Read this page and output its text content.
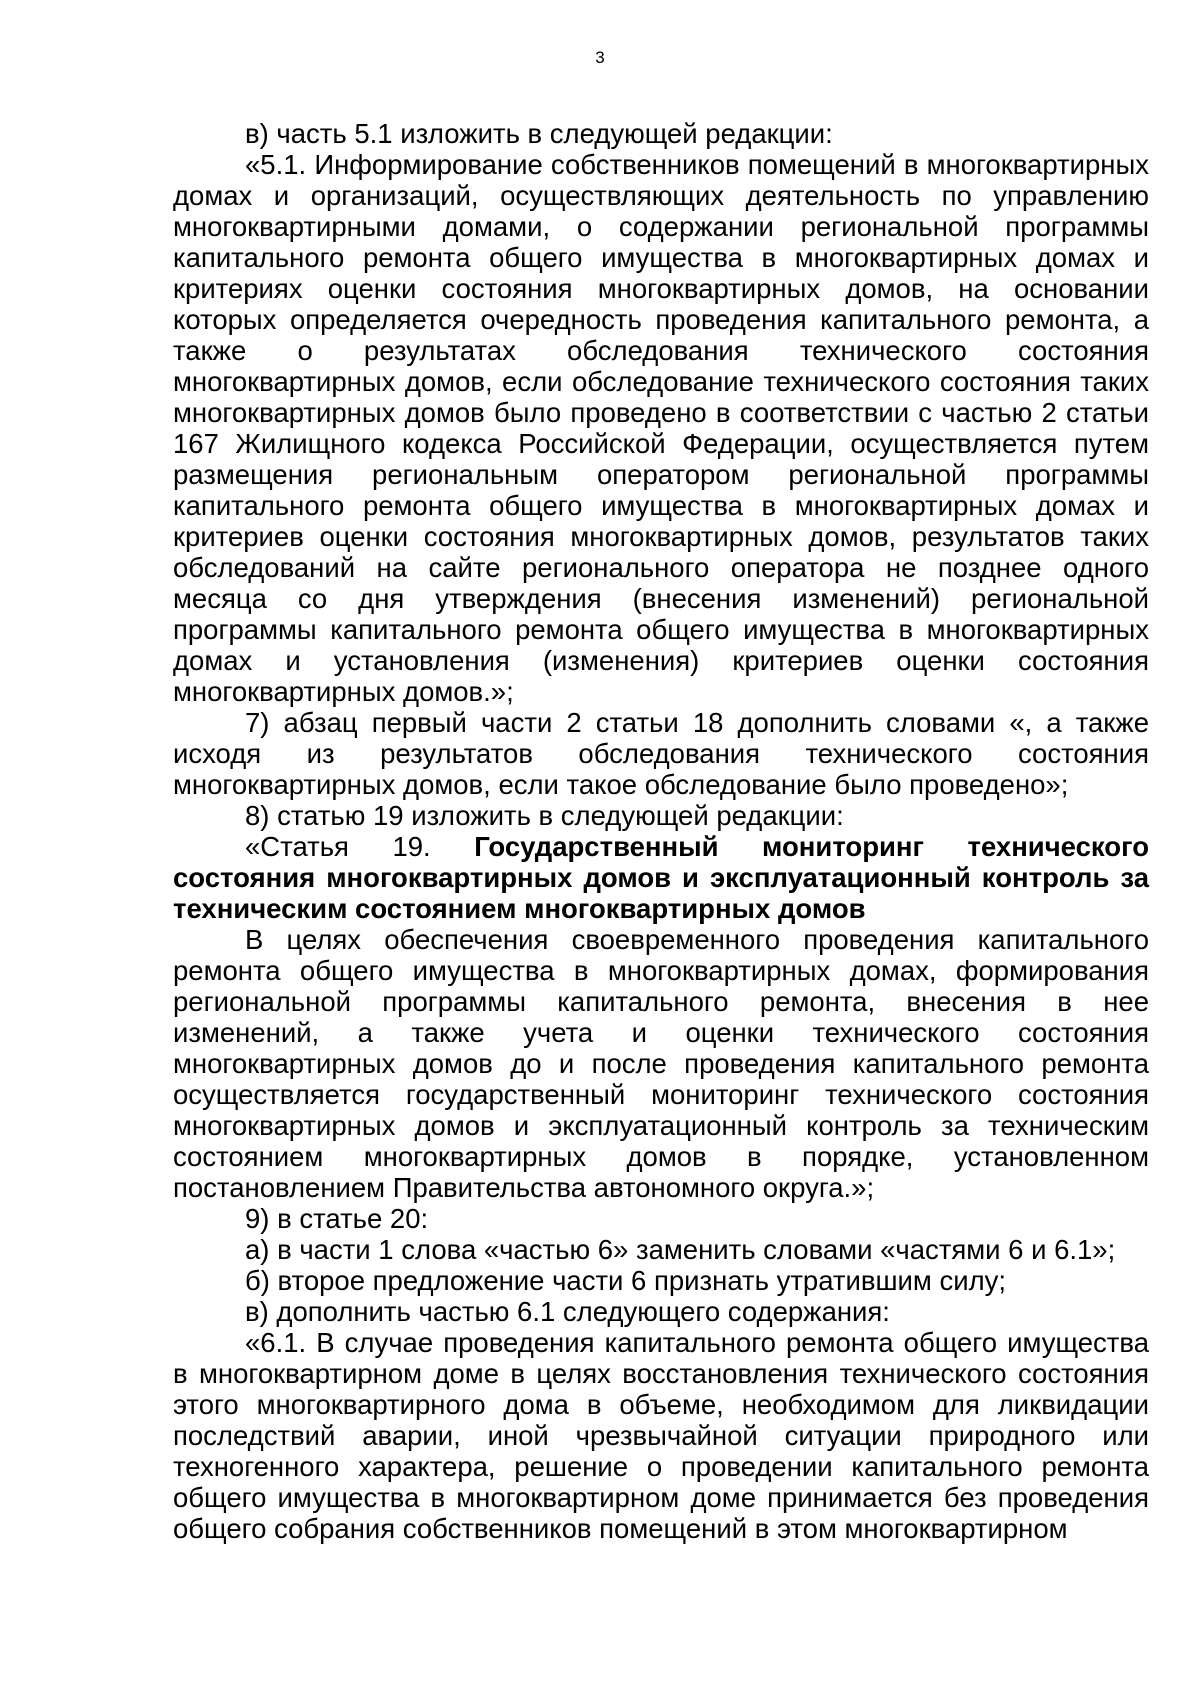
3

в) часть 5.1 изложить в следующей редакции:

«5.1. Информирование собственников помещений в многоквартирных домах и организаций, осуществляющих деятельность по управлению многоквартирными домами, о содержании региональной программы капитального ремонта общего имущества в многоквартирных домах и критериях оценки состояния многоквартирных домов, на основании которых определяется очередность проведения капитального ремонта, а также о результатах обследования технического состояния многоквартирных домов, если обследование технического состояния таких многоквартирных домов было проведено в соответствии с частью 2 статьи 167 Жилищного кодекса Российской Федерации, осуществляется путем размещения региональным оператором региональной программы капитального ремонта общего имущества в многоквартирных домах и критериев оценки состояния многоквартирных домов, результатов таких обследований на сайте регионального оператора не позднее одного месяца со дня утверждения (внесения изменений) региональной программы капитального ремонта общего имущества в многоквартирных домах и установления (изменения) критериев оценки состояния многоквартирных домов.»;

7) абзац первый части 2 статьи 18 дополнить словами «, а также исходя из результатов обследования технического состояния многоквартирных домов, если такое обследование было проведено»;

8) статью 19 изложить в следующей редакции:

«Статья 19. Государственный мониторинг технического состояния многоквартирных домов и эксплуатационный контроль за техническим состоянием многоквартирных домов

В целях обеспечения своевременного проведения капитального ремонта общего имущества в многоквартирных домах, формирования региональной программы капитального ремонта, внесения в нее изменений, а также учета и оценки технического состояния многоквартирных домов до и после проведения капитального ремонта осуществляется государственный мониторинг технического состояния многоквартирных домов и эксплуатационный контроль за техническим состоянием многоквартирных домов в порядке, установленном постановлением Правительства автономного округа.»;

9) в статье 20:

а) в части 1 слова «частью 6» заменить словами «частями 6 и 6.1»;

б) второе предложение части 6 признать утратившим силу;

в) дополнить частью 6.1 следующего содержания:

«6.1. В случае проведения капитального ремонта общего имущества в многоквартирном доме в целях восстановления технического состояния этого многоквартирного дома в объеме, необходимом для ликвидации последствий аварии, иной чрезвычайной ситуации природного или техногенного характера, решение о проведении капитального ремонта общего имущества в многоквартирном доме принимается без проведения общего собрания собственников помещений в этом многоквартирном
